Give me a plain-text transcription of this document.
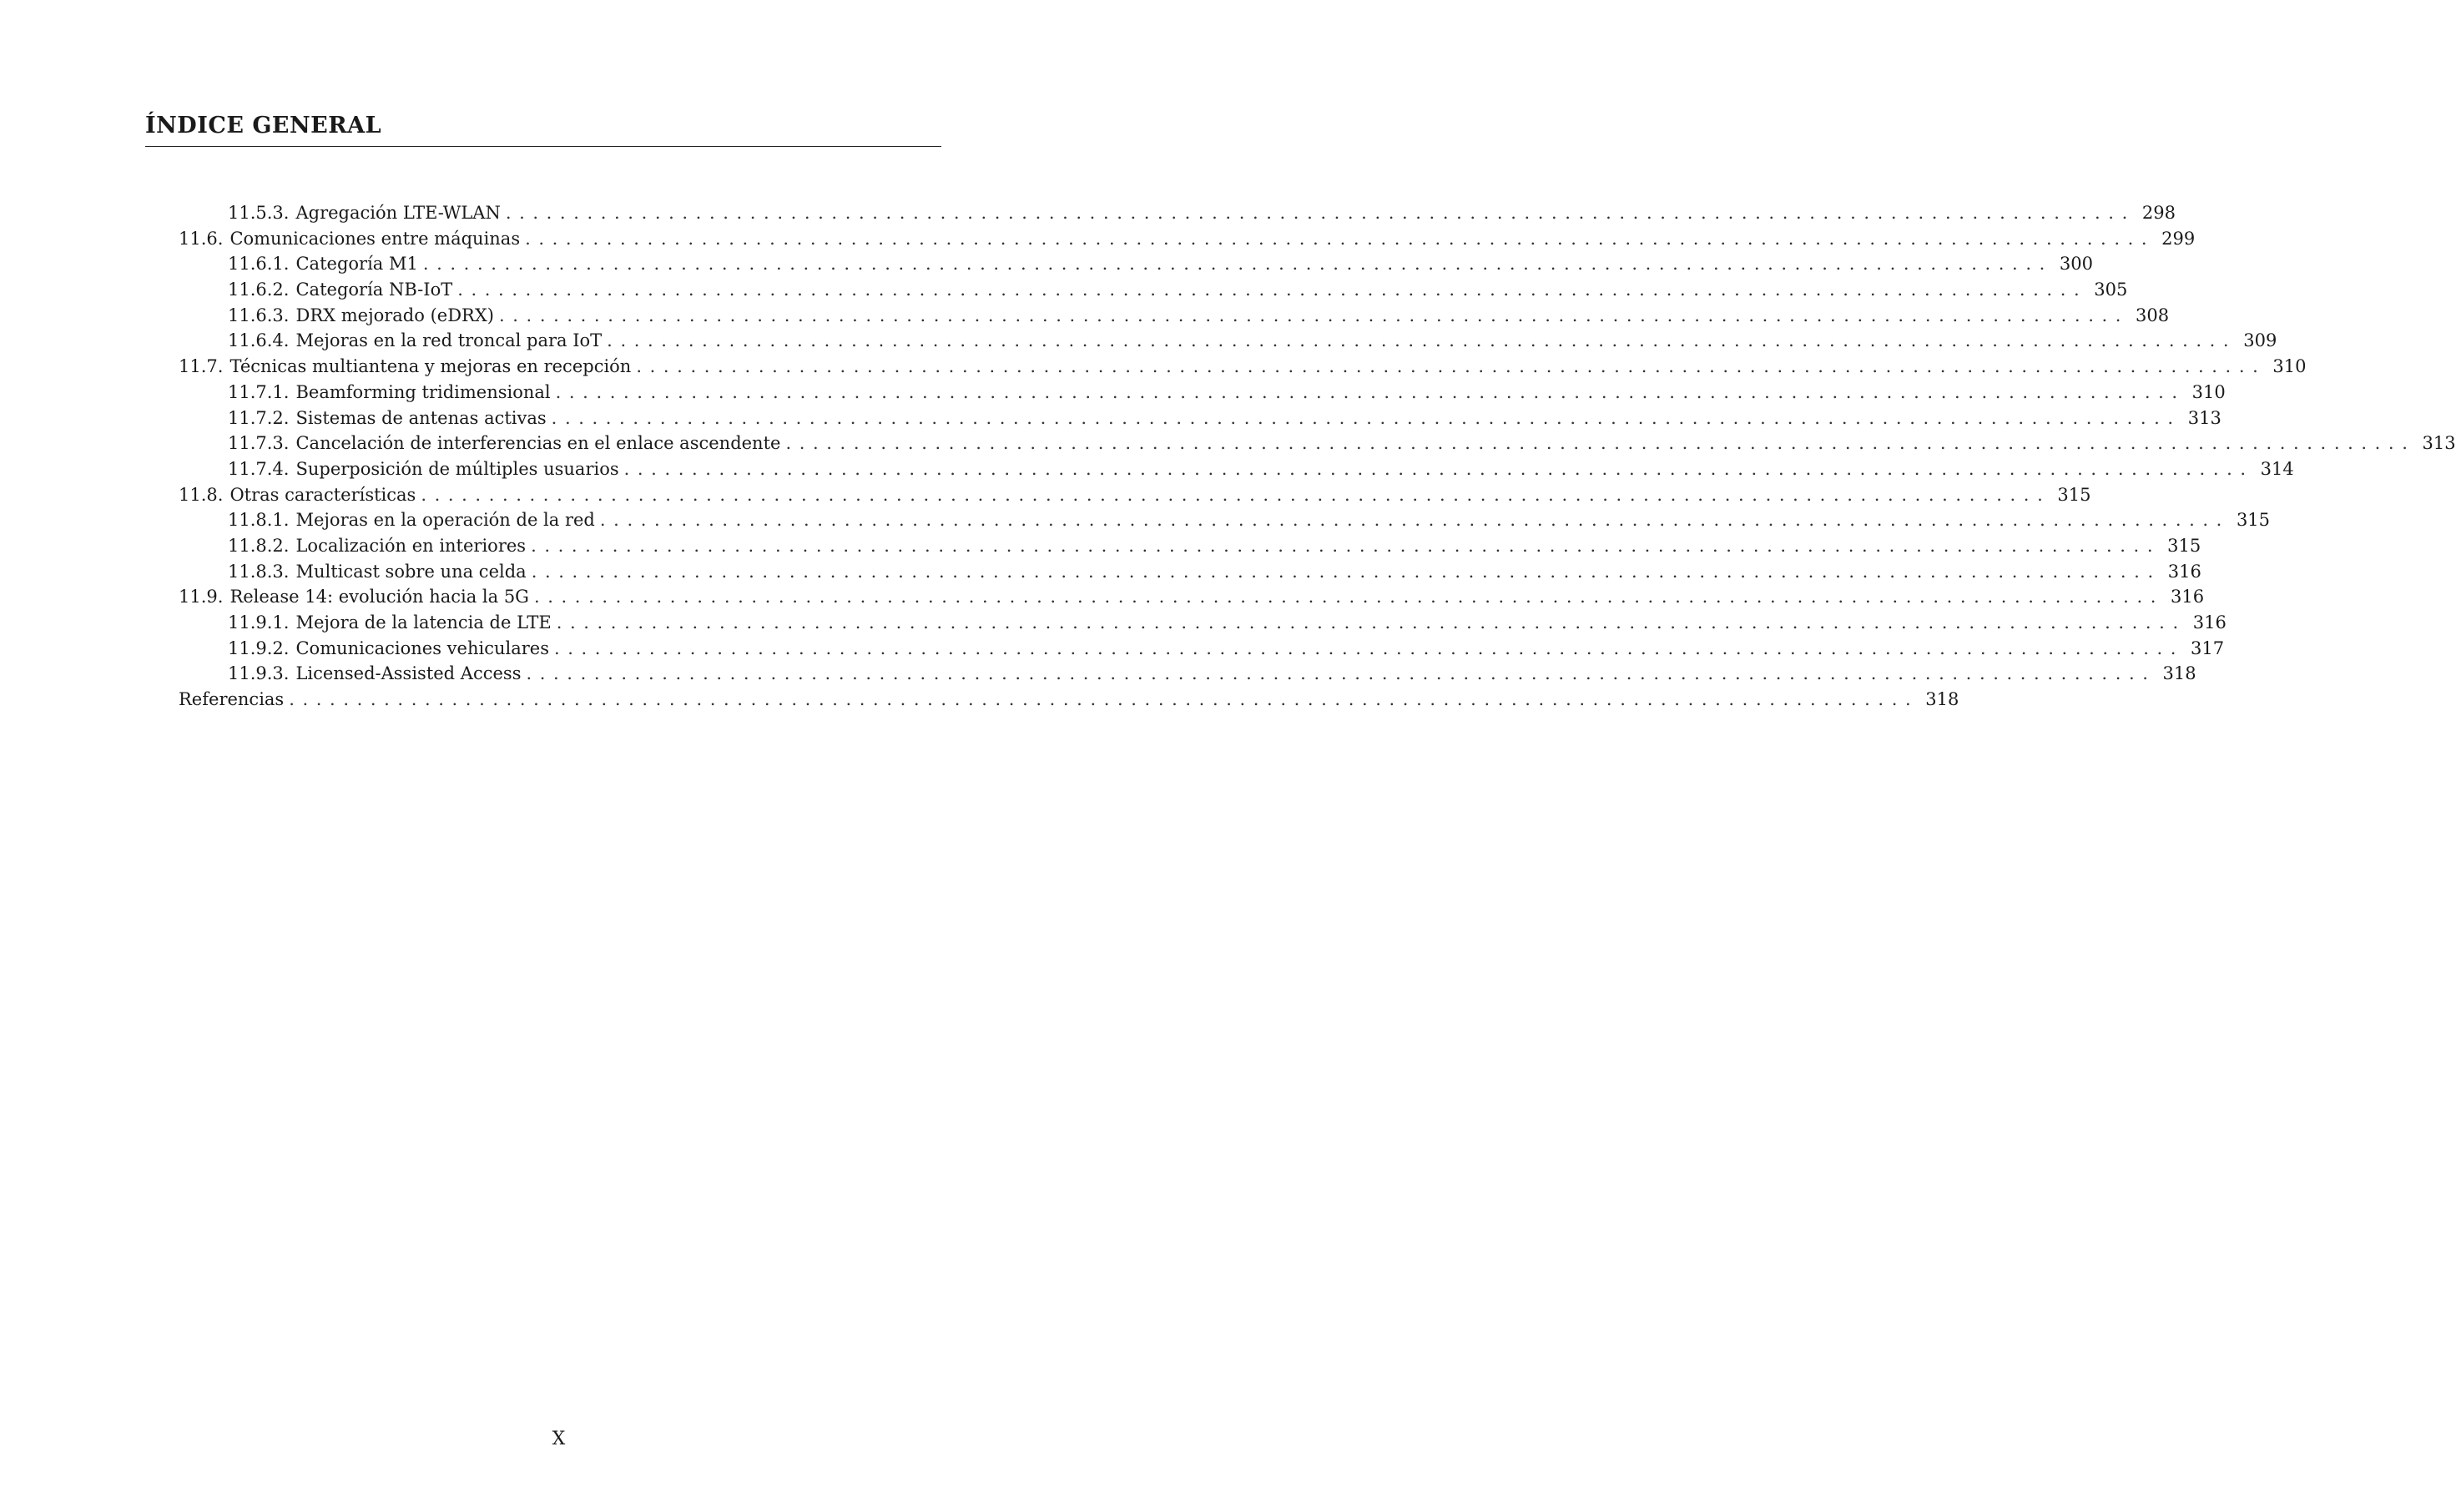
ÍNDICE GENERAL
11.5.3. Agregación LTE-WLAN ........................................................................................................................ 298
11.6. Comunicaciones entre máquinas ........................................................................................................................ 299
11.6.1. Categoría M1 ........................................................................................................................ 300
11.6.2. Categoría NB-IoT ........................................................................................................................ 305
11.6.3. DRX mejorado (eDRX) ........................................................................................................................ 308
11.6.4. Mejoras en la red troncal para IoT ........................................................................................................................ 309
11.7. Técnicas multiantena y mejoras en recepción ........................................................................................................................ 310
11.7.1. Beamforming tridimensional ........................................................................................................................ 310
11.7.2. Sistemas de antenas activas ........................................................................................................................ 313
11.7.3. Cancelación de interferencias en el enlace ascendente ........................................................................................................................ 313
11.7.4. Superposición de múltiples usuarios ........................................................................................................................ 314
11.8. Otras características ........................................................................................................................ 315
11.8.1. Mejoras en la operación de la red ........................................................................................................................ 315
11.8.2. Localización en interiores ........................................................................................................................ 315
11.8.3. Multicast sobre una celda ........................................................................................................................ 316
11.9. Release 14: evolución hacia la 5G ........................................................................................................................ 316
11.9.1. Mejora de la latencia de LTE ........................................................................................................................ 316
11.9.2. Comunicaciones vehiculares ........................................................................................................................ 317
11.9.3. Licensed-Assisted Access ........................................................................................................................ 318
Referencias ........................................................................................................................ 318
X
